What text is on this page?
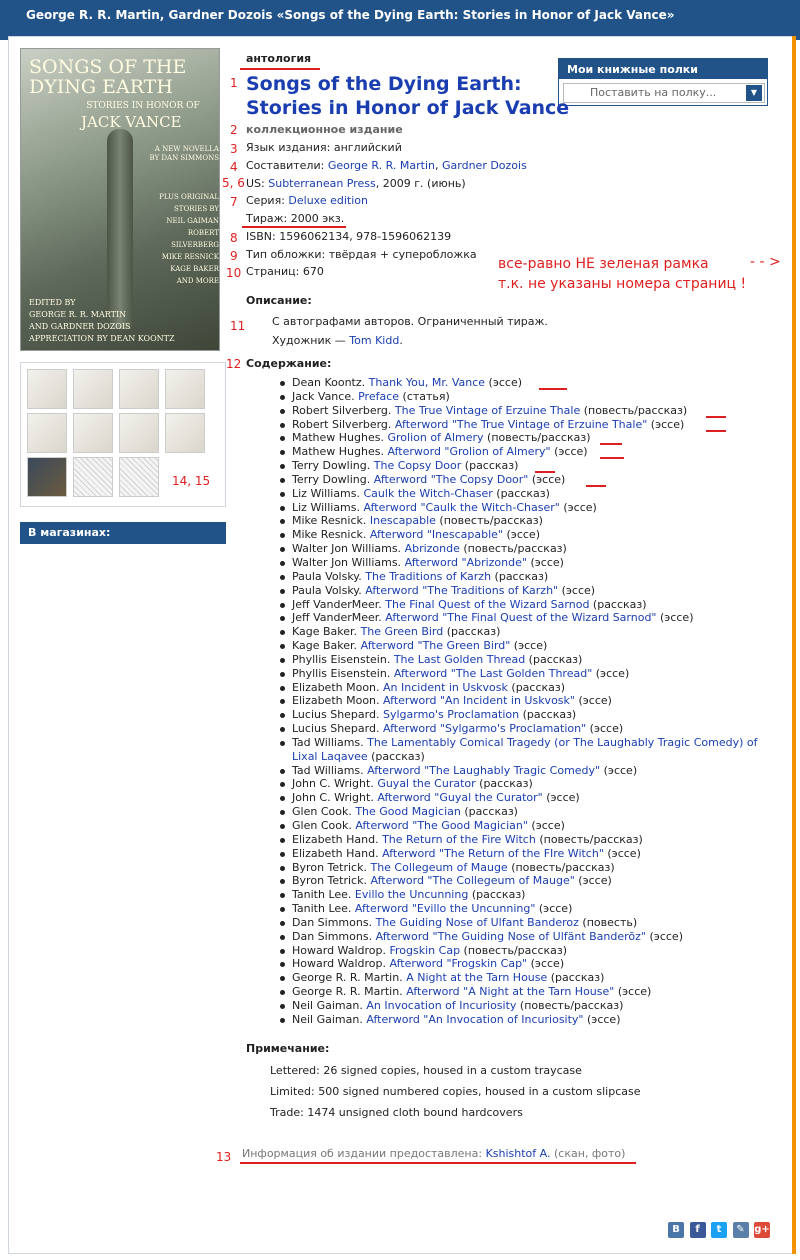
George R. R. Martin, Gardner Dozois «Songs of the Dying Earth: Stories in Honor of Jack Vance»
SONGS OF THE DYING EARTH
STORIES IN HONOR OF
JACK VANCE
A NEW NOVELLA BY DAN SIMMONS
PLUS ORIGINAL STORIES BY
NEIL GAIMAN
ROBERT SILVERBERG
MIKE RESNICK
KAGE BAKER
AND MORE
EDITED BY
GEORGE R. R. MARTIN
AND GARDNER DOZOIS
APPRECIATION BY DEAN KOONTZ
14, 15
В магазинах:
Мои книжные полки
Поставить на полку...	▼
антология
1 Songs of the Dying Earth: Stories in Honor of Jack Vance
2 коллекционное издание
3 Язык издания: английский
4 Составители: George R. R. Martin, Gardner Dozois
5, 6 US: Subterranean Press, 2009 г. (июнь)
7 Серия: Deluxe edition
Тираж: 2000 экз.
8 ISBN: 1596062134, 978-1596062139
9 Тип обложки: твёрдая + суперобложка
10 Страниц: 670	все-равно НЕ зеленая рамка
т.к. не указаны номера страниц !
- - >
Описание:
11 С автографами авторов. Ограниченный тираж.
Художник — Tom Kidd.
12 Содержание:
Dean Koontz. Thank You, Mr. Vance (эссе)
Jack Vance. Preface (статья)
Robert Silverberg. The True Vintage of Erzuine Thale (повесть/рассказ)
Robert Silverberg. Afterword "The True Vintage of Erzuine Thale" (эссе)
Mathew Hughes. Grolion of Almery (повесть/рассказ)
Mathew Hughes. Afterword "Grolion of Almery" (эссе)
Terry Dowling. The Copsy Door (рассказ)
Terry Dowling. Afterword "The Copsy Door" (эссе)
Liz Williams. Caulk the Witch-Chaser (рассказ)
Liz Williams. Afterword "Caulk the Witch-Chaser" (эссе)
Mike Resnick. Inescapable (повесть/рассказ)
Mike Resnick. Afterword "Inescapable" (эссе)
Walter Jon Williams. Abrizonde (повесть/рассказ)
Walter Jon Williams. Afterword "Abrizonde" (эссе)
Paula Volsky. The Traditions of Karzh (рассказ)
Paula Volsky. Afterword "The Traditions of Karzh" (эссе)
Jeff VanderMeer. The Final Quest of the Wizard Sarnod (рассказ)
Jeff VanderMeer. Afterword "The Final Quest of the Wizard Sarnod" (эссе)
Kage Baker. The Green Bird (рассказ)
Kage Baker. Afterword "The Green Bird" (эссе)
Phyllis Eisenstein. The Last Golden Thread (рассказ)
Phyllis Eisenstein. Afterword "The Last Golden Thread" (эссе)
Elizabeth Moon. An Incident in Uskvosk (рассказ)
Elizabeth Moon. Afterword "An Incident in Uskvosk" (эссе)
Lucius Shepard. Sylgarmo's Proclamation (рассказ)
Lucius Shepard. Afterword "Sylgarmo's Proclamation" (эссе)
Tad Williams. The Lamentably Comical Tragedy (or The Laughably Tragic Comedy) of Lixal Laqavee (рассказ)
Tad Williams. Afterword "The Laughably Tragic Comedy" (эссе)
John C. Wright. Guyal the Curator (рассказ)
John C. Wright. Afterword "Guyal the Curator" (эссе)
Glen Cook. The Good Magician (рассказ)
Glen Cook. Afterword "The Good Magician" (эссе)
Elizabeth Hand. The Return of the Fire Witch (повесть/рассказ)
Elizabeth Hand. Afterword "The Return of the FIre Witch" (эссе)
Byron Tetrick. The Collegeum of Mauge (повесть/рассказ)
Byron Tetrick. Afterword "The Collegeum of Mauge" (эссе)
Tanith Lee. Evillo the Uncunning (рассказ)
Tanith Lee. Afterword "Evillo the Uncunning" (эссе)
Dan Simmons. The Guiding Nose of Ulfant Banderoz (повесть)
Dan Simmons. Afterword "The Guiding Nose of Ulfänt Banderõz" (эссе)
Howard Waldrop. Frogskin Cap (повесть/рассказ)
Howard Waldrop. Afterword "Frogskin Cap" (эссе)
George R. R. Martin. A Night at the Tarn House (рассказ)
George R. R. Martin. Afterword "A Night at the Tarn House" (эссе)
Neil Gaiman. An Invocation of Incuriosity (повесть/рассказ)
Neil Gaiman. Afterword "An Invocation of Incuriosity" (эссе)
Примечание:
Lettered: 26 signed copies, housed in a custom traycase
Limited: 500 signed numbered copies, housed in a custom slipcase
Trade: 1474 unsigned cloth bound hardcovers
13 Информация об издании предоставлена: Kshishtof A. (скан, фото)
B f t ✎ g+
